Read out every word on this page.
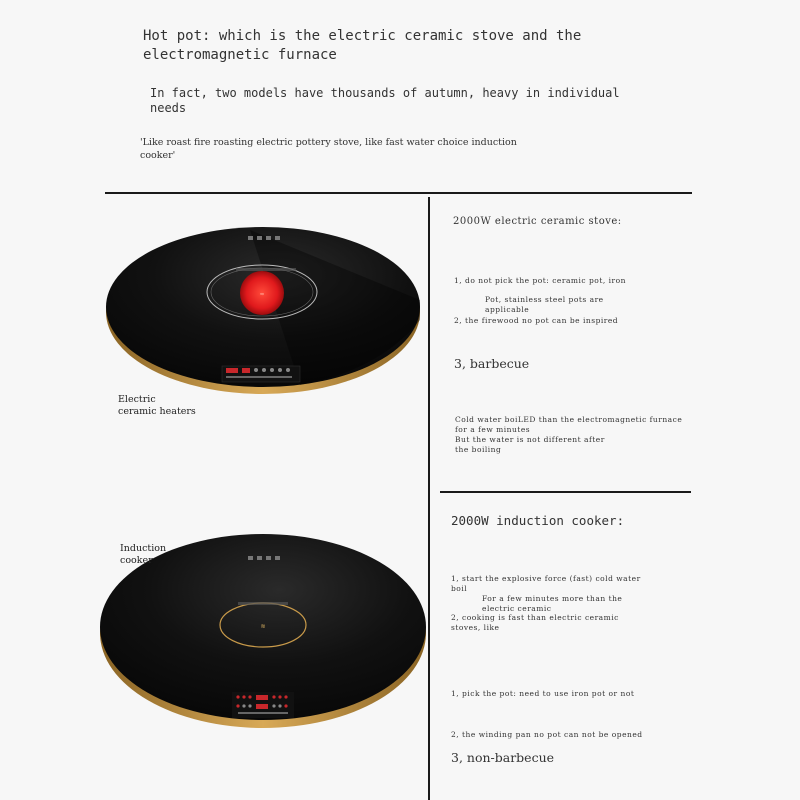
Hot pot: which is the electric ceramic stove and the
electromagnetic furnace
In fact, two models have thousands of autumn, heavy in individual
needs
'Like roast fire roasting electric pottery stove, like fast water choice induction
cooker'
≈
≋
Electric
ceramic heaters
Induction
cooker
2000W electric ceramic stove:
1, do not pick the pot: ceramic pot, iron
Pot, stainless steel pots are
applicable
2, the firewood no pot can be inspired
3, barbecue
Cold water boiLED than the electromagnetic furnace
for a few minutes
But the water is not different after
the boiling
2000W induction cooker:
1, start the explosive force (fast) cold water
boil
For a few minutes more than the
electric ceramic
2, cooking is fast than electric ceramic
stoves, like
1, pick the pot: need to use iron pot or not
2, the winding pan no pot can not be opened
3, non-barbecue
